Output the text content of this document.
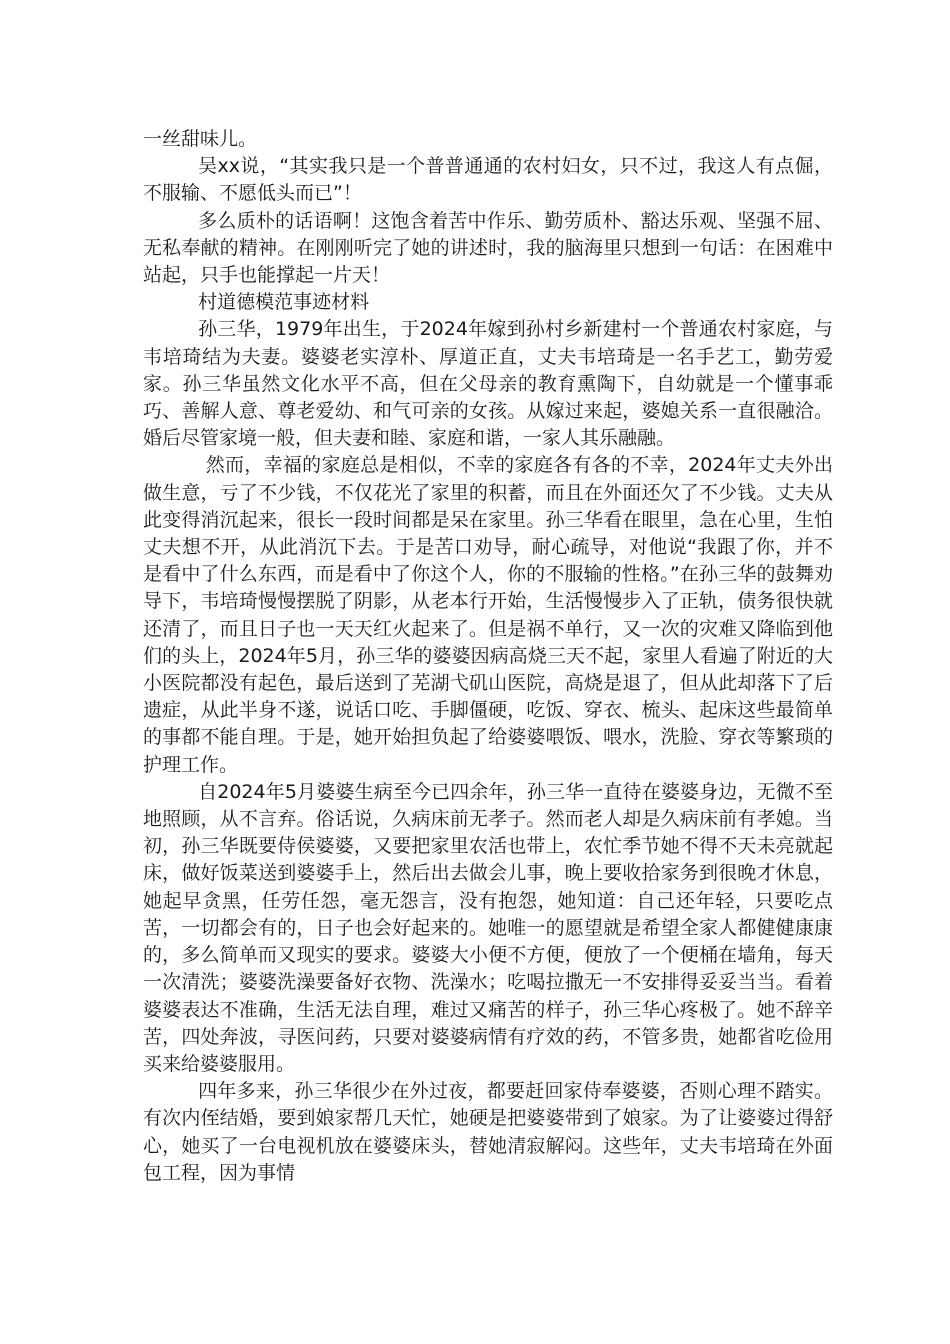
一丝甜味儿。

吴xx说，“其实我只是一个普普通通的农村妇女，只不过，我这人有点倔，不服输、不愿低头而已”！

多么质朴的话语啊！这饱含着苦中作乐、勤劳质朴、豁达乐观、坚强不屈、无私奉献的精神。在刚刚听完了她的讲述时，我的脑海里只想到一句话：在困难中站起，只手也能撑起一片天！

村道德模范事迹材料

孙三华，1979年出生，于2024年嫁到孙村乡新建村一个普通农村家庭，与韦培琦结为夫妻。婆婆老实淳朴、厚道正直，丈夫韦培琦是一名手艺工，勤劳爱家。孙三华虽然文化水平不高，但在父母亲的教育熏陶下，自幼就是一个懂事乖巧、善解人意、尊老爱幼、和气可亲的女孩。从嫁过来起，婆媳关系一直很融洽。婚后尽管家境一般，但夫妻和睦、家庭和谐，一家人其乐融融。

然而，幸福的家庭总是相似，不幸的家庭各有各的不幸，2024年丈夫外出做生意，亏了不少钱，不仅花光了家里的积蓄，而且在外面还欠了不少钱。丈夫从此变得消沉起来，很长一段时间都是呆在家里。孙三华看在眼里，急在心里，生怕丈夫想不开，从此消沉下去。于是苦口劝导，耐心疏导，对他说“我跟了你，并不是看中了什么东西，而是看中了你这个人，你的不服输的性格。”在孙三华的鼓舞劝导下，韦培琦慢慢摆脱了阴影，从老本行开始，生活慢慢步入了正轨，债务很快就还清了，而且日子也一天天红火起来了。但是祸不单行，又一次的灾难又降临到他们的头上，2024年5月，孙三华的婆婆因病高烧三天不起，家里人看遍了附近的大小医院都没有起色，最后送到了芜湖弋矶山医院，高烧是退了，但从此却落下了后遗症，从此半身不遂，说话口吃、手脚僵硬，吃饭、穿衣、梳头、起床这些最简单的事都不能自理。于是，她开始担负起了给婆婆喂饭、喂水，洗脸、穿衣等繁琐的护理工作。

自2024年5月婆婆生病至今已四余年，孙三华一直待在婆婆身边，无微不至地照顾，从不言弃。俗话说，久病床前无孝子。然而老人却是久病床前有孝媳。当初，孙三华既要侍侯婆婆，又要把家里农活也带上，农忙季节她不得不天未亮就起床，做好饭菜送到婆婆手上，然后出去做会儿事，晚上要收拾家务到很晚才休息，她起早贪黑，任劳任怨，毫无怨言，没有抱怨，她知道：自己还年轻，只要吃点苦，一切都会有的，日子也会好起来的。她唯一的愿望就是希望全家人都健健康康的，多么简单而又现实的要求。婆婆大小便不方便，便放了一个便桶在墙角，每天一次清洗；婆婆洗澡要备好衣物、洗澡水；吃喝拉撒无一不安排得妥妥当当。看着婆婆表达不准确，生活无法自理，难过又痛苦的样子，孙三华心疼极了。她不辞辛苦，四处奔波，寻医问药，只要对婆婆病情有疗效的药，不管多贵，她都省吃俭用买来给婆婆服用。

四年多来，孙三华很少在外过夜，都要赶回家侍奉婆婆，否则心理不踏实。有次内侄结婚，要到娘家帮几天忙，她硬是把婆婆带到了娘家。为了让婆婆过得舒心，她买了一台电视机放在婆婆床头，替她清寂解闷。这些年，丈夫韦培琦在外面包工程，因为事情
